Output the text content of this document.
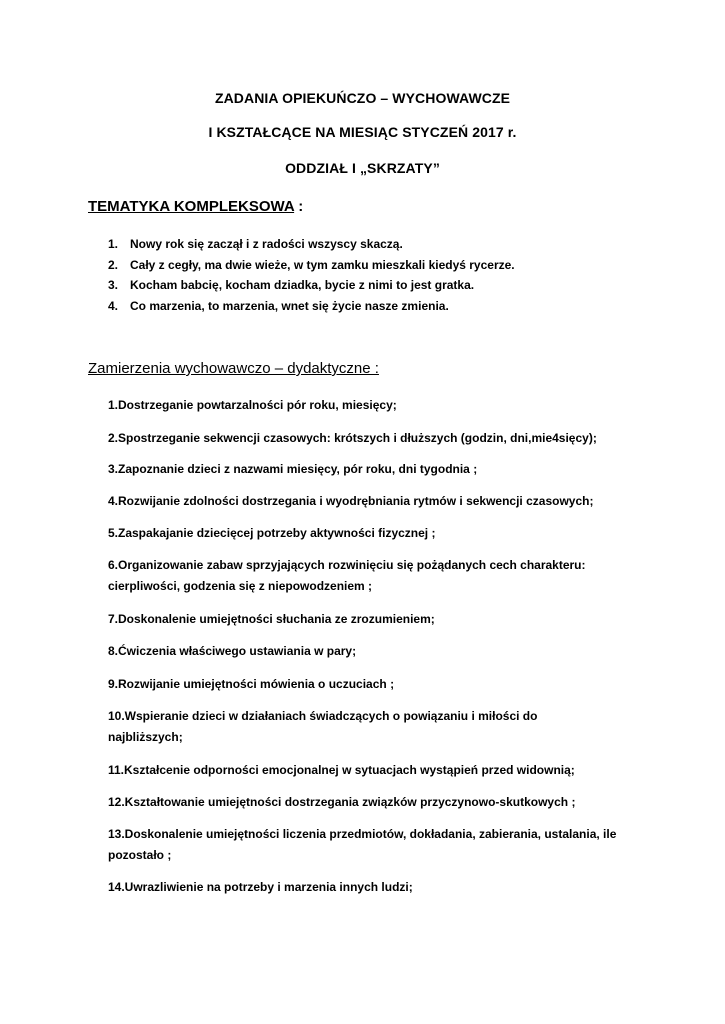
ZADANIA OPIEKUŃCZO – WYCHOWAWCZE
I KSZTAŁCĄCE NA MIESIĄC STYCZEŃ 2017 r.
ODDZIAŁ I „SKRZATY”
TEMATYKA KOMPLEKSOWA :
1. Nowy rok się zaczął i z radości wszyscy skaczą.
2. Cały z cegły, ma dwie wieże, w tym zamku mieszkali kiedyś rycerze.
3. Kocham babcię, kocham dziadka, bycie z nimi to jest gratka.
4. Co marzenia, to marzenia, wnet się życie nasze zmienia.
Zamierzenia wychowawczo – dydaktyczne :
1.Dostrzeganie powtarzalności pór roku, miesięcy;
2.Spostrzeganie sekwencji czasowych: krótszych i dłuższych (godzin, dni,mie4sięcy);
3.Zapoznanie dzieci z nazwami miesięcy, pór roku, dni tygodnia ;
4.Rozwijanie zdolności dostrzegania i wyodrębniania rytmów i sekwencji czasowych;
5.Zaspakajanie dziecięcej potrzeby aktywności fizycznej ;
6.Organizowanie zabaw sprzyjających rozwinięciu się pożądanych cech charakteru: cierpliwości, godzenia się z niepowodzeniem ;
7.Doskonalenie umiejętności słuchania ze zrozumieniem;
8.Ćwiczenia właściwego ustawiania w pary;
9.Rozwijanie umiejętności mówienia o uczuciach ;
10.Wspieranie dzieci w działaniach świadczących o powiązaniu i miłości do najbliższych;
11.Kształcenie odporności emocjonalnej w sytuacjach wystąpień przed widownią;
12.Kształtowanie umiejętności dostrzegania związków przyczynowo-skutkowych ;
13.Doskonalenie umiejętności liczenia przedmiotów, dokładania, zabierania, ustalania, ile pozostało ;
14.Uwrazliwienie na potrzeby i marzenia innych ludzi;
